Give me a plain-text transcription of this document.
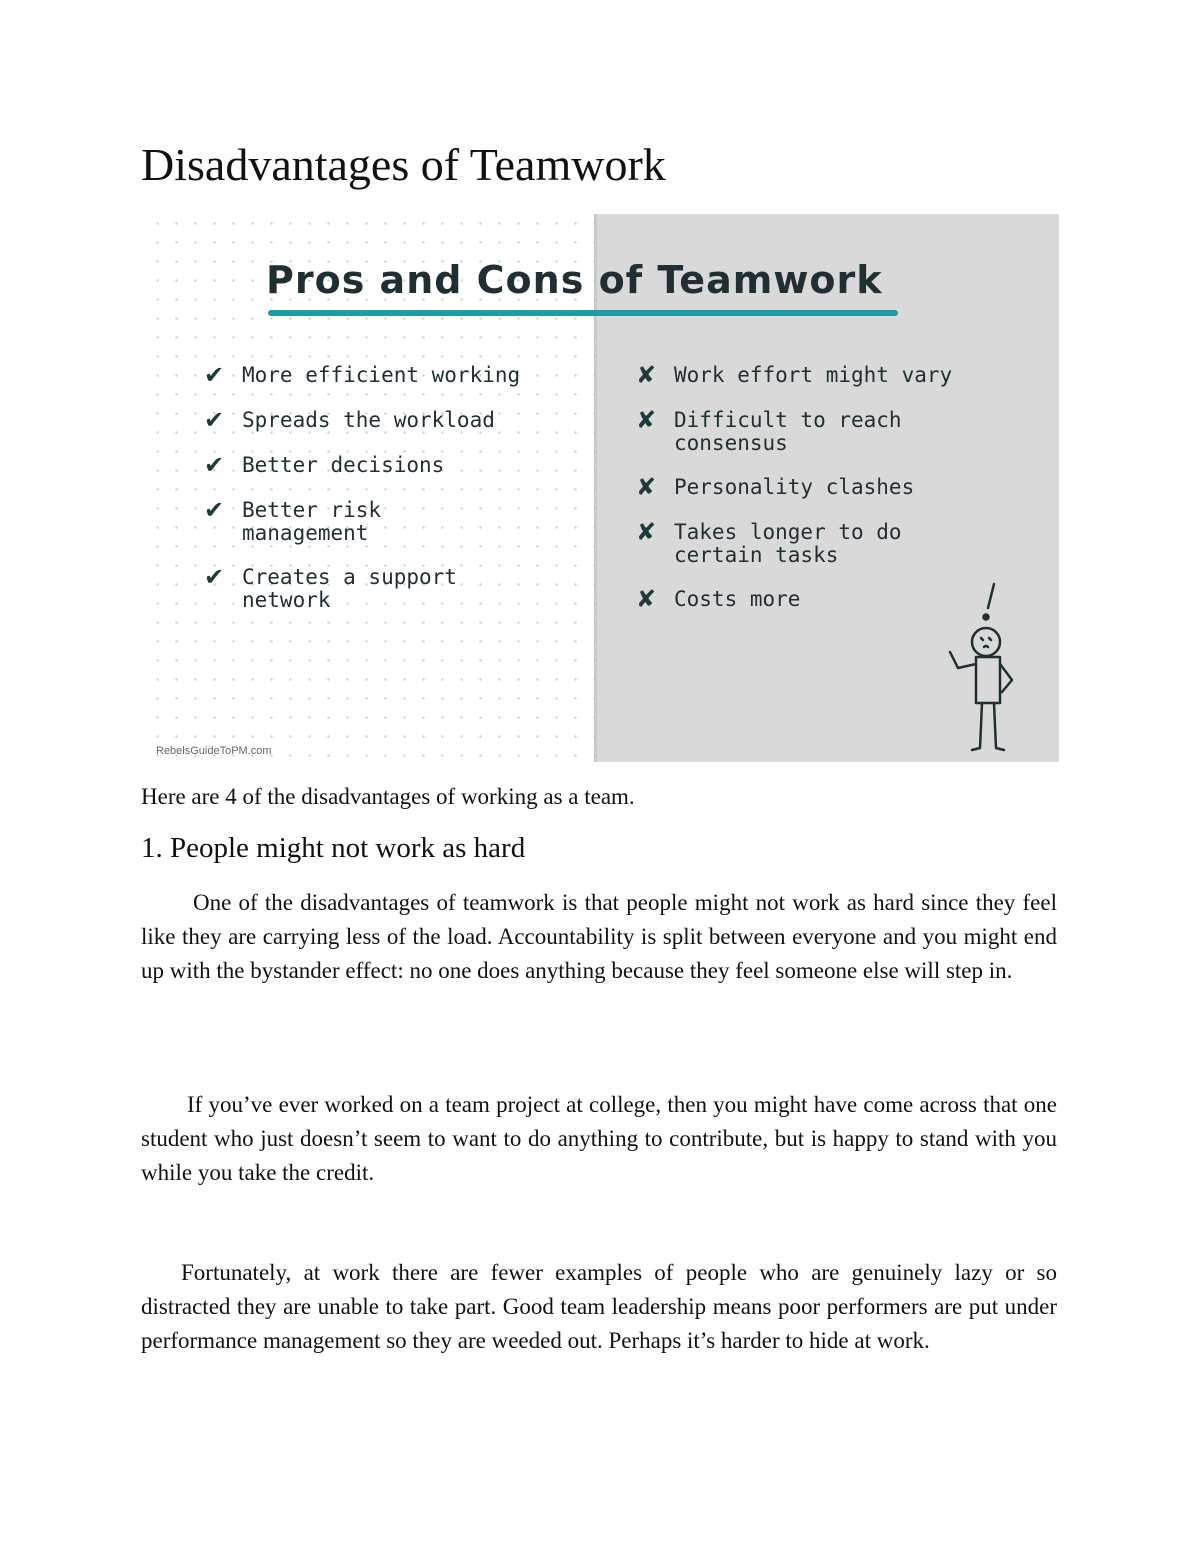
Disadvantages of Teamwork
Pros and Cons of Teamwork
✔ More efficient working
✔ Spreads the workload
✔ Better decisions
✔ Better risk management
✔ Creates a support network
✘ Work effort might vary
✘ Difficult to reach consensus
✘ Personality clashes
✘ Takes longer to do certain tasks
✘ Costs more
RebelsGuideToPM.com

Here are 4 of the disadvantages of working as a team.

1. People might not work as hard

One of the disadvantages of teamwork is that people might not work as hard since they feel like they are carrying less of the load. Accountability is split between everyone and you might end up with the bystander effect: no one does anything because they feel someone else will step in.

If you’ve ever worked on a team project at college, then you might have come across that one student who just doesn’t seem to want to do anything to contribute, but is happy to stand with you while you take the credit.

Fortunately, at work there are fewer examples of people who are genuinely lazy or so distracted they are unable to take part. Good team leadership means poor performers are put under performance management so they are weeded out. Perhaps it’s harder to hide at work.
